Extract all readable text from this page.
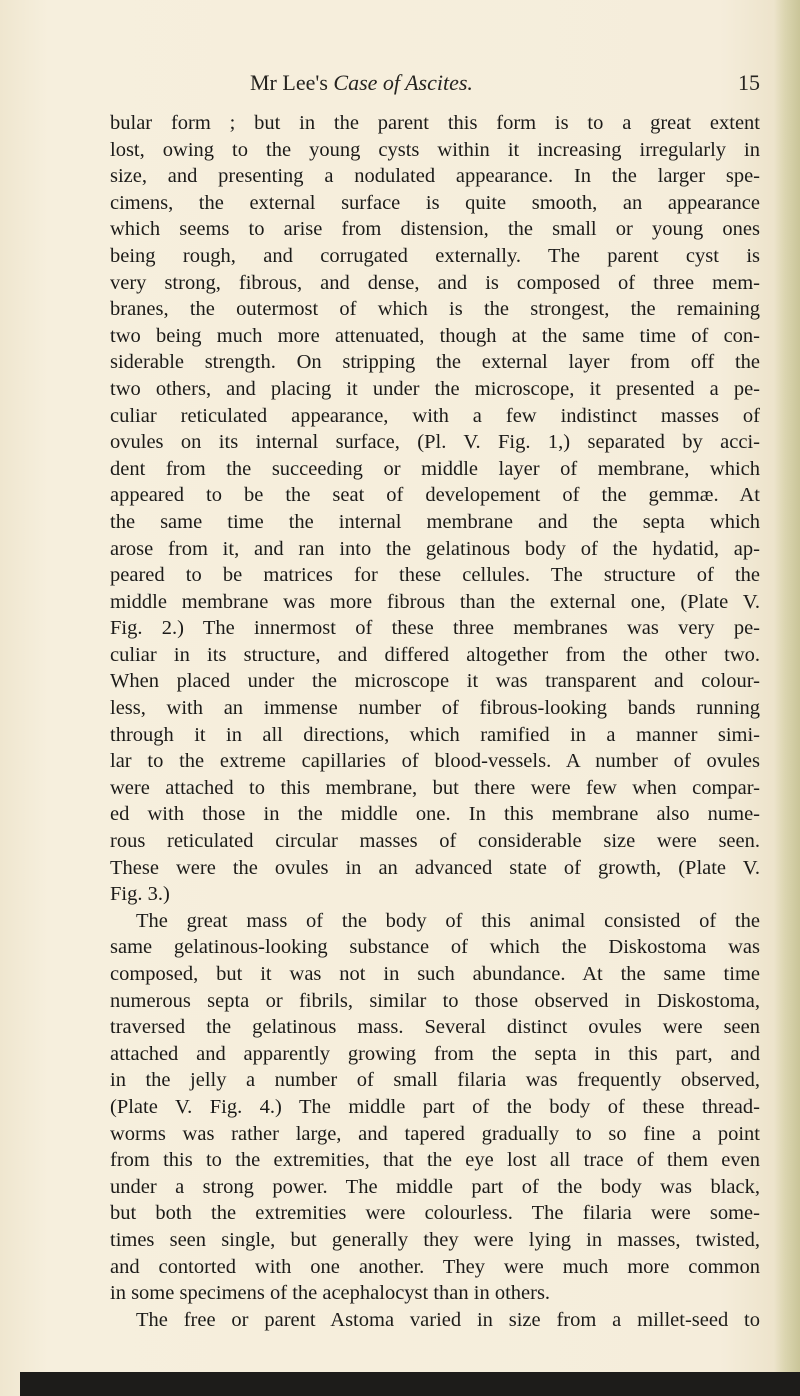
Mr Lee's Case of Ascites.	15
bular form ; but in the parent this form is to a great extent
lost, owing to the young cysts within it increasing irregularly in
size, and presenting a nodulated appearance. In the larger spe-
cimens, the external surface is quite smooth, an appearance
which seems to arise from distension, the small or young ones
being rough, and corrugated externally. The parent cyst is
very strong, fibrous, and dense, and is composed of three mem-
branes, the outermost of which is the strongest, the remaining
two being much more attenuated, though at the same time of con-
siderable strength. On stripping the external layer from off the
two others, and placing it under the microscope, it presented a pe-
culiar reticulated appearance, with a few indistinct masses of
ovules on its internal surface, (Pl. V. Fig. 1,) separated by acci-
dent from the succeeding or middle layer of membrane, which
appeared to be the seat of developement of the gemmæ. At
the same time the internal membrane and the septa which
arose from it, and ran into the gelatinous body of the hydatid, ap-
peared to be matrices for these cellules. The structure of the
middle membrane was more fibrous than the external one, (Plate V.
Fig. 2.) The innermost of these three membranes was very pe-
culiar in its structure, and differed altogether from the other two.
When placed under the microscope it was transparent and colour-
less, with an immense number of fibrous-looking bands running
through it in all directions, which ramified in a manner simi-
lar to the extreme capillaries of blood-vessels. A number of ovules
were attached to this membrane, but there were few when compar-
ed with those in the middle one. In this membrane also nume-
rous reticulated circular masses of considerable size were seen.
These were the ovules in an advanced state of growth, (Plate V.
Fig. 3.)
The great mass of the body of this animal consisted of the
same gelatinous-looking substance of which the Diskostoma was
composed, but it was not in such abundance. At the same time
numerous septa or fibrils, similar to those observed in Diskostoma,
traversed the gelatinous mass. Several distinct ovules were seen
attached and apparently growing from the septa in this part, and
in the jelly a number of small filaria was frequently observed,
(Plate V. Fig. 4.) The middle part of the body of these thread-
worms was rather large, and tapered gradually to so fine a point
from this to the extremities, that the eye lost all trace of them even
under a strong power. The middle part of the body was black,
but both the extremities were colourless. The filaria were some-
times seen single, but generally they were lying in masses, twisted,
and contorted with one another. They were much more common
in some specimens of the acephalocyst than in others.
The free or parent Astoma varied in size from a millet-seed to
